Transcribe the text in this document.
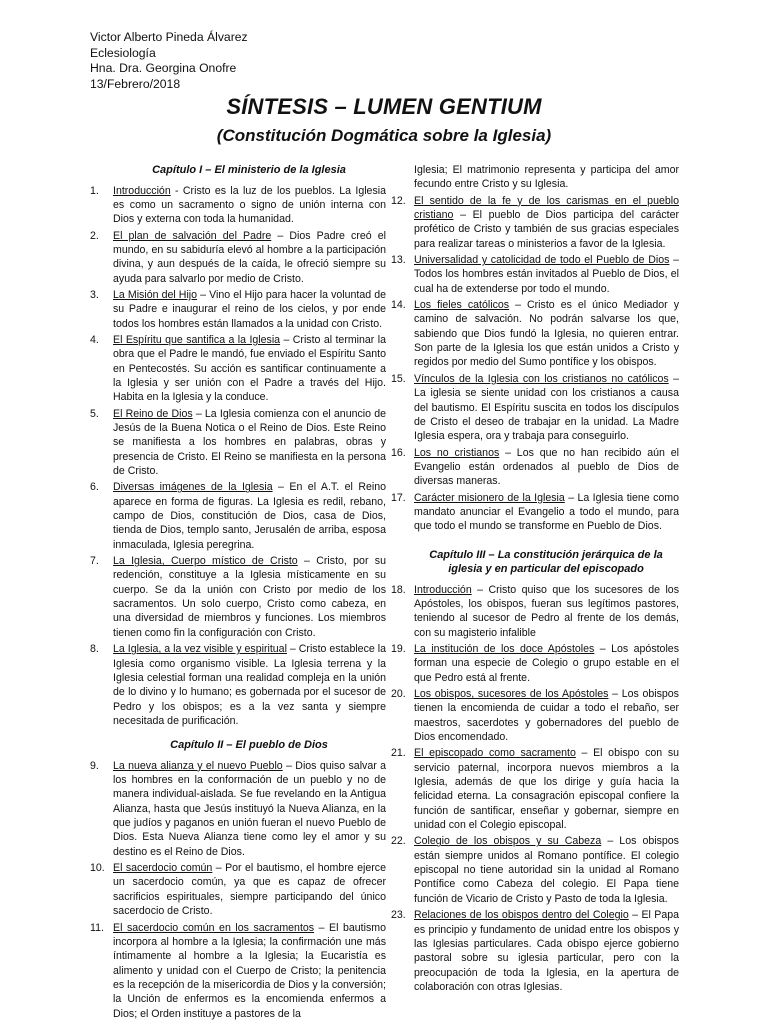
Victor Alberto Pineda Álvarez
Eclesiología
Hna. Dra. Georgina Onofre
13/Febrero/2018
SÍNTESIS – LUMEN GENTIUM
(Constitución Dogmática sobre la Iglesia)
Capítulo I – El ministerio de la Iglesia
1.	Introducción - Cristo es la luz de los pueblos. La Iglesia es como un sacramento o signo de unión interna con Dios y externa con toda la humanidad.
2.	El plan de salvación del Padre – Dios Padre creó el mundo, en su sabiduría elevó al hombre a la participación divina, y aun después de la caída, le ofreció siempre su ayuda para salvarlo por medio de Cristo.
3.	La Misión del Hijo – Vino el Hijo para hacer la voluntad de su Padre e inaugurar el reino de los cielos, y por ende todos los hombres están llamados a la unidad con Cristo.
4.	El Espíritu que santifica a la Iglesia – Cristo al terminar la obra que el Padre le mandó, fue enviado el Espíritu Santo en Pentecostés. Su acción es santificar continuamente a la Iglesia y ser unión con el Padre a través del Hijo. Habita en la Iglesia y la conduce.
5.	El Reino de Dios – La Iglesia comienza con el anuncio de Jesús de la Buena Notica o el Reino de Dios. Este Reino se manifiesta a los hombres en palabras, obras y presencia de Cristo. El Reino se manifiesta en la persona de Cristo.
6.	Diversas imágenes de la Iglesia – En el A.T. el Reino aparece en forma de figuras. La Iglesia es redil, rebano, campo de Dios, constitución de Dios, casa de Dios, tienda de Dios, templo santo, Jerusalén de arriba, esposa inmaculada, Iglesia peregrina.
7.	La Iglesia, Cuerpo místico de Cristo – Cristo, por su redención, constituye a la Iglesia místicamente en su cuerpo. Se da la unión con Cristo por medio de los sacramentos. Un solo cuerpo, Cristo como cabeza, en una diversidad de miembros y funciones. Los miembros tienen como fin la configuración con Cristo.
8.	La Iglesia, a la vez visible y espiritual – Cristo establece la Iglesia como organismo visible. La Iglesia terrena y la Iglesia celestial forman una realidad compleja en la unión de lo divino y lo humano; es gobernada por el sucesor de Pedro y los obispos; es a la vez santa y siempre necesitada de purificación.
Capítulo II – El pueblo de Dios
9.	La nueva alianza y el nuevo Pueblo – Dios quiso salvar a los hombres en la conformación de un pueblo y no de manera individual-aislada. Se fue revelando en la Antigua Alianza, hasta que Jesús instituyó la Nueva Alianza, en la que judíos y paganos en unión fueran el nuevo Pueblo de Dios. Esta Nueva Alianza tiene como ley el amor y su destino es el Reino de Dios.
10. El sacerdocio común – Por el bautismo, el hombre ejerce un sacerdocio común, ya que es capaz de ofrecer sacrificios espirituales, siempre participando del único sacerdocio de Cristo.
11. El sacerdocio común en los sacramentos – El bautismo incorpora al hombre a la Iglesia; la confirmación une más íntimamente al hombre a la Iglesia; la Eucaristía es alimento y unidad con el Cuerpo de Cristo; la penitencia es la recepción de la misericordia de Dios y la conversión; la Unción de enfermos es la encomienda enfermos a Dios; el Orden instituye a pastores de la
Iglesia; El matrimonio representa y participa del amor fecundo entre Cristo y su Iglesia.
12. El sentido de la fe y de los carismas en el pueblo cristiano – El pueblo de Dios participa del carácter profético de Cristo y también de sus gracias especiales para realizar tareas o ministerios a favor de la Iglesia.
13. Universalidad y catolicidad de todo el Pueblo de Dios – Todos los hombres están invitados al Pueblo de Dios, el cual ha de extenderse por todo el mundo.
14. Los fieles católicos – Cristo es el único Mediador y camino de salvación. No podrán salvarse los que, sabiendo que Dios fundó la Iglesia, no quieren entrar. Son parte de la Iglesia los que están unidos a Cristo y regidos por medio del Sumo pontífice y los obispos.
15. Vínculos de la Iglesia con los cristianos no católicos – La iglesia se siente unidad con los cristianos a causa del bautismo. El Espíritu suscita en todos los discípulos de Cristo el deseo de trabajar en la unidad. La Madre Iglesia espera, ora y trabaja para conseguirlo.
16. Los no cristianos – Los que no han recibido aún el Evangelio están ordenados al pueblo de Dios de diversas maneras.
17. Carácter misionero de la Iglesia – La Iglesia tiene como mandato anunciar el Evangelio a todo el mundo, para que todo el mundo se transforme en Pueblo de Dios.
Capítulo III – La constitución jerárquica de la iglesia y en particular del episcopado
18. Introducción – Cristo quiso que los sucesores de los Apóstoles, los obispos, fueran sus legítimos pastores, teniendo al sucesor de Pedro al frente de los demás, con su magisterio infalible
19. La institución de los doce Apóstoles – Los apóstoles forman una especie de Colegio o grupo estable en el que Pedro está al frente.
20. Los obispos, sucesores de los Apóstoles – Los obispos tienen la encomienda de cuidar a todo el rebaño, ser maestros, sacerdotes y gobernadores del pueblo de Dios encomendado.
21. El episcopado como sacramento – El obispo con su servicio paternal, incorpora nuevos miembros a la Iglesia, además de que los dirige y guía hacia la felicidad eterna. La consagración episcopal confiere la función de santificar, enseñar y gobernar, siempre en unidad con el Colegio episcopal.
22. Colegio de los obispos y su Cabeza – Los obispos están siempre unidos al Romano pontífice. El colegio episcopal no tiene autoridad sin la unidad al Romano Pontífice como Cabeza del colegio. El Papa tiene función de Vicario de Cristo y Pasto de toda la Iglesia.
23. Relaciones de los obispos dentro del Colegio – El Papa es principio y fundamento de unidad entre los obispos y las Iglesias particulares. Cada obispo ejerce gobierno pastoral sobre su iglesia particular, pero con la preocupación de toda la Iglesia, en la apertura de colaboración con otras Iglesias.
